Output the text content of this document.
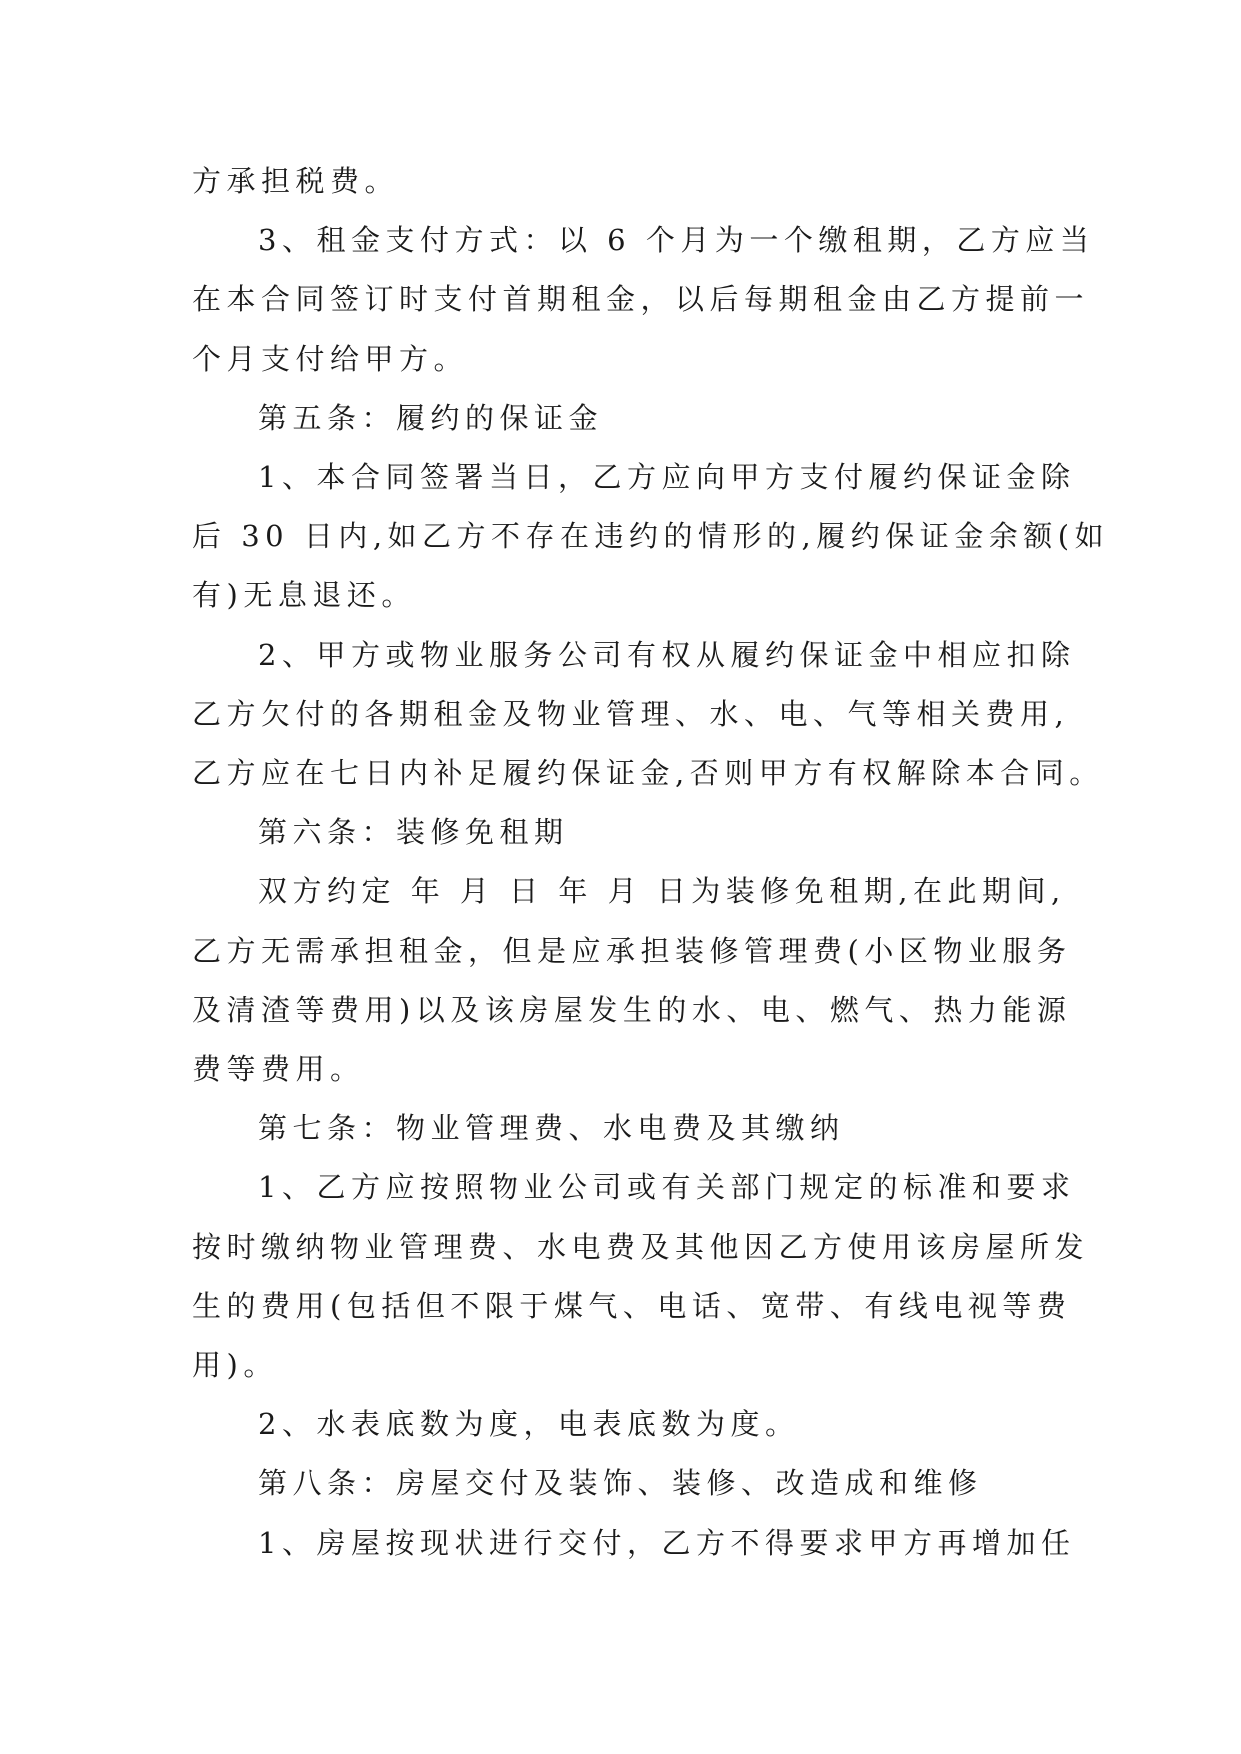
方承担税费。

3、租金支付方式：以 6 个月为一个缴租期，乙方应当

在本合同签订时支付首期租金，以后每期租金由乙方提前一

个月支付给甲方。

第五条：履约的保证金

1、本合同签署当日，乙方应向甲方支付履约保证金除

后 30 日内,如乙方不存在违约的情形的,履约保证金余额(如

有)无息退还。

2、甲方或物业服务公司有权从履约保证金中相应扣除

乙方欠付的各期租金及物业管理、水、电、气等相关费用,

乙方应在七日内补足履约保证金,否则甲方有权解除本合同。

第六条：装修免租期

双方约定 年 月 日 年 月 日为装修免租期,在此期间,

乙方无需承担租金，但是应承担装修管理费(小区物业服务

及清渣等费用)以及该房屋发生的水、电、燃气、热力能源

费等费用。

第七条：物业管理费、水电费及其缴纳

1、乙方应按照物业公司或有关部门规定的标准和要求

按时缴纳物业管理费、水电费及其他因乙方使用该房屋所发

生的费用(包括但不限于煤气、电话、宽带、有线电视等费

用)。

2、水表底数为度，电表底数为度。

第八条：房屋交付及装饰、装修、改造成和维修

1、房屋按现状进行交付，乙方不得要求甲方再增加任
